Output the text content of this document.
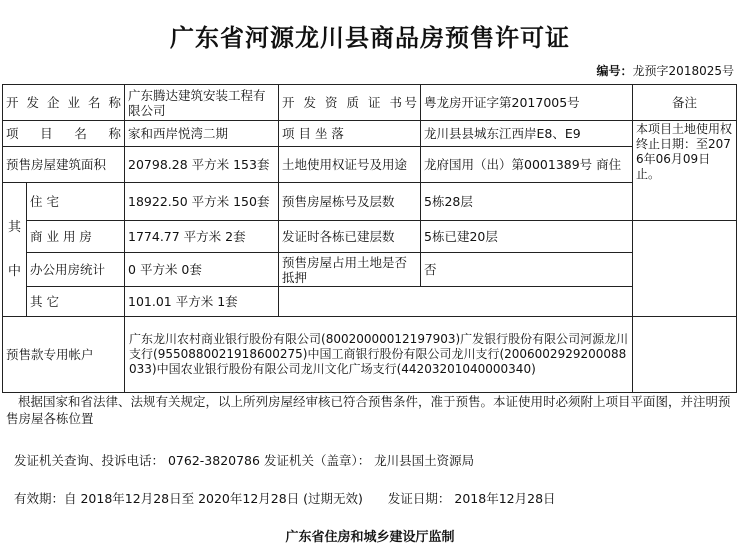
广东省河源龙川县商品房预售许可证
编号：龙预字2018025号
开发企业名称		广东腾达建筑安装工程有限公司	开 发 资 质 证 书号	粤龙房开证字第2017005号	备注
项 目 名 称		家和西岸悦湾二期	项 目 坐 落	龙川县县城东江西岸E8、E9	本项目土地使用权终止日期：至2076年06月09日止。
预售房屋建筑面积		20798.28 平方米 153套	土地使用权证号及用途	龙府国用（出）第0001389号 商住	
其

中	住 宅	18922.50 平方米 150套	预售房屋栋号及层数	5栋28层	
	商 业 用 房	1774.77 平方米 2套	发证时各栋已建层数	5栋已建20层	
	办公用房统计	0 平方米 0套	预售房屋占用土地是否抵押	否	
	其 它	101.01 平方米 1套			
预售款专用帐户		广东龙川农村商业银行股份有限公司(80020000012197903)广发银行股份有限公司河源龙川支行(9550880021918600275)中国工商银行股份有限公司龙川支行(2006002929200088033)中国农业银行股份有限公司龙川文化广场支行(44203201040000340)			
根据国家和省法律、法规有关规定，以上所列房屋经审核已符合预售条件，准于预售。本证使用时必须附上项目平面图，并注明预售房屋各栋位置
发证机关查询、投诉电话： 0762-3820786 发证机关（盖章）： 龙川县国土资源局
有效期：自 2018年12月28日至 2020年12月28日 (过期无效)　　发证日期： 2018年12月28日
广东省住房和城乡建设厅监制
